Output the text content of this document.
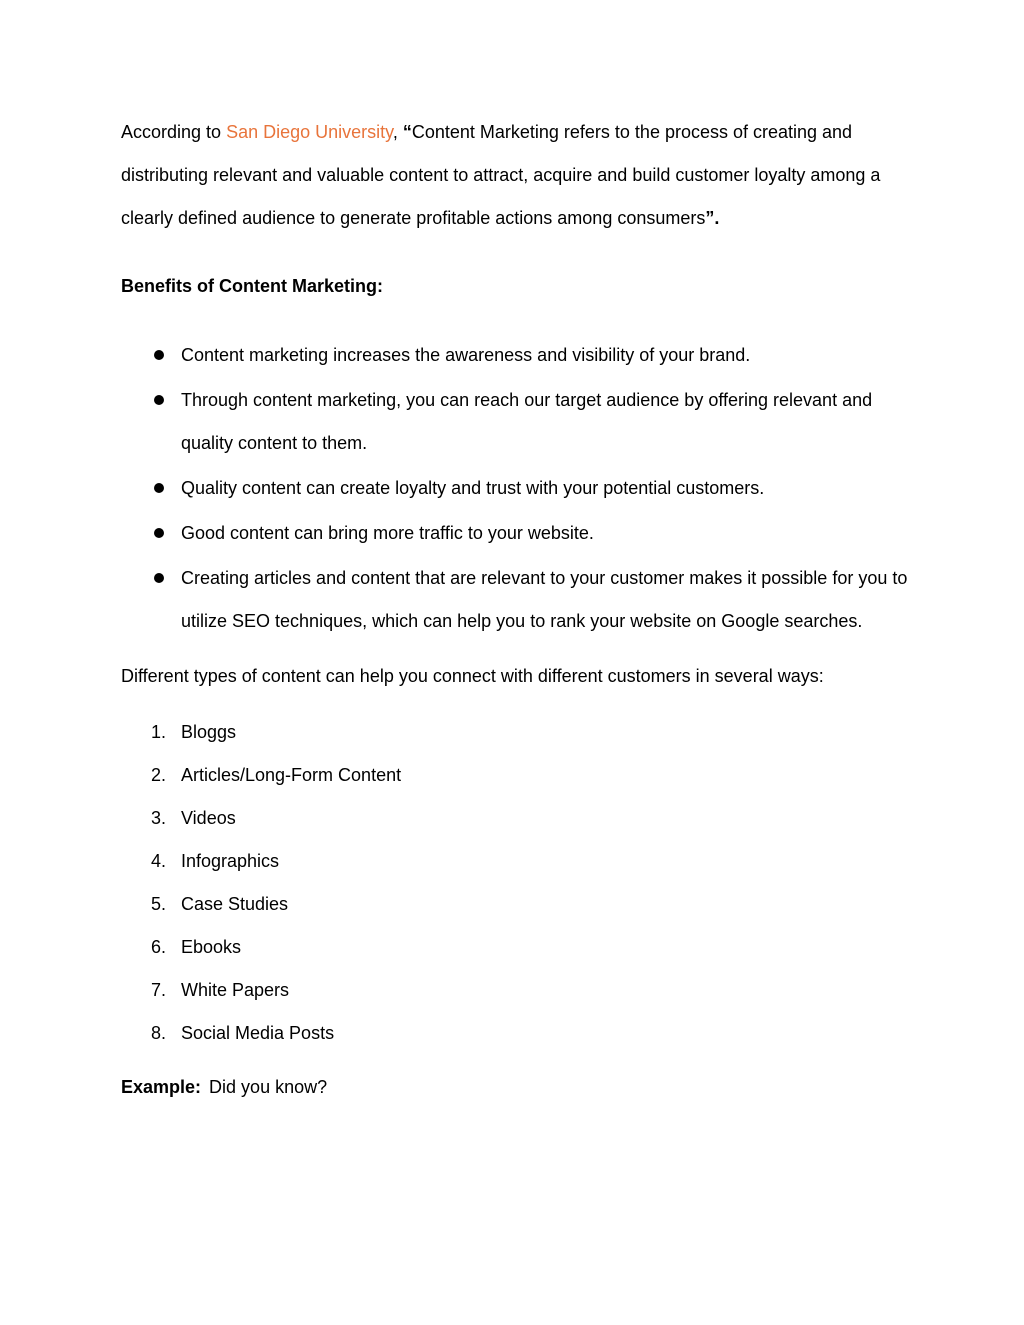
According to San Diego University, “Content Marketing refers to the process of creating and distributing relevant and valuable content to attract, acquire and build customer loyalty among a clearly defined audience to generate profitable actions among consumers”.

Benefits of Content Marketing:

Content marketing increases the awareness and visibility of your brand.
Through content marketing, you can reach our target audience by offering relevant and quality content to them.
Quality content can create loyalty and trust with your potential customers.
Good content can bring more traffic to your website.
Creating articles and content that are relevant to your customer makes it possible for you to utilize SEO techniques, which can help you to rank your website on Google searches.

Different types of content can help you connect with different customers in several ways:

1. Bloggs
2. Articles/Long-Form Content
3. Videos
4. Infographics
5. Case Studies
6. Ebooks
7. White Papers
8. Social Media Posts

Example: Did you know?
